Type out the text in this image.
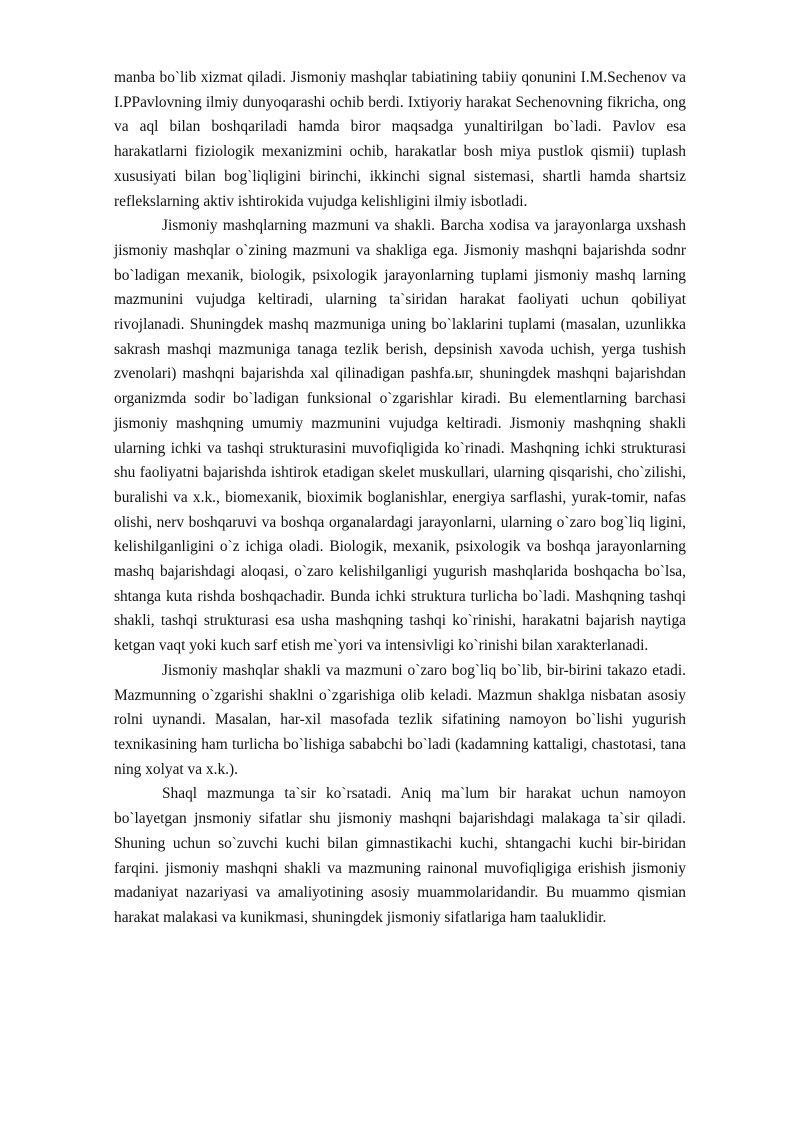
manba bo`lib xizmat qiladi. Jismoniy mashqlar tabiatining tabiiy qonunini I.M.Sechenov va I.PPavlovning ilmiy dunyoqarashi ochib berdi. Ixtiyoriy harakat Sechenovning fikricha, ong va aql bilan boshqariladi hamda biror maqsadga yunaltirilgan bo`ladi. Pavlov esa harakatlarni fiziologik mexanizmini ochib, harakatlar bosh miya pustlok qismii) tuplash xususiyati bilan bog`liqligini birinchi, ikkinchi signal sistemasi, shartli hamda shartsiz reflekslarning aktiv ishtirokida vujudga kelishligini ilmiy isbotladi.

Jismoniy mashqlarning mazmuni va shakli. Barcha xodisa va jarayonlarga uxshash jismoniy mashqlar o`zining mazmuni va shakliga ega. Jismoniy mashqni bajarishda sodnr bo`ladigan mexanik, biologik, psixologik jarayonlarning tuplami jismoniy mashq larning mazmunini vujudga keltiradi, ularning ta`siridan harakat faoliyati uchun qobiliyat rivojlanadi. Shuningdek mashq mazmuniga uning bo`laklarini tuplami (masalan, uzunlikka sakrash mashqi mazmuniga tanaga tezlik berish, depsinish xavoda uchish, yerga tushish zvenolari) mashqni bajarishda xal qilinadigan pashfa.ыг, shuningdek mashqni bajarishdan organizmda sodir bo`ladigan funksional o`zgarishlar kiradi. Bu elementlarning barchasi jismoniy mashqning umumiy mazmunini vujudga keltiradi. Jismoniy mashqning shakli ularning ichki va tashqi strukturasini muvofiqligida ko`rinadi. Mashqning ichki strukturasi shu faoliyatni bajarishda ishtirok etadigan skelet muskullari, ularning qisqarishi, cho`zilishi, buralishi va x.k., biomexanik, bioximik boglanishlar, energiya sarflashi, yurak-tomir, nafas olishi, nerv boshqaruvi va boshqa organalardagi jarayonlarni, ularning o`zaro bog`liq ligini, kelishilganligini o`z ichiga oladi. Biologik, mexanik, psixologik va boshqa jarayonlarning mashq bajarishdagi aloqasi, o`zaro kelishilganligi yugurish mashqlarida boshqacha bo`lsa, shtanga kuta rishda boshqachadir. Bunda ichki struktura turlicha bo`ladi. Mashqning tashqi shakli, tashqi strukturasi esa usha mashqning tashqi ko`rinishi, harakatni bajarish naytiga ketgan vaqt yoki kuch sarf etish me`yori va intensivligi ko`rinishi bilan xarakterlanadi.

Jismoniy mashqlar shakli va mazmuni o`zaro bog`liq bo`lib, bir-birini takazo etadi. Mazmunning o`zgarishi shaklni o`zgarishiga olib keladi. Mazmun shaklga nisbatan asosiy rolni uynandi. Masalan, har-xil masofada tezlik sifatining namoyon bo`lishi yugurish texnikasining ham turlicha bo`lishiga sababchi bo`ladi (kadamning kattaligi, chastotasi, tana ning xolyat va x.k.).

Shaql mazmunga ta`sir ko`rsatadi. Aniq ma`lum bir harakat uchun namoyon bo`layetgan jnsmoniy sifatlar shu jismoniy mashqni bajarishdagi malakaga ta`sir qiladi. Shuning uchun so`zuvchi kuchi bilan gimnastikachi kuchi, shtangachi kuchi bir-biridan farqini. jismoniy mashqni shakli va mazmuning rainonal muvofiqligiga erishish jismoniy madaniyat nazariyasi va amaliyotining asosiy muammolaridandir. Bu muammo qismian harakat malakasi va kunikmasi, shuningdek jismoniy sifatlariga ham taaluklidir.
